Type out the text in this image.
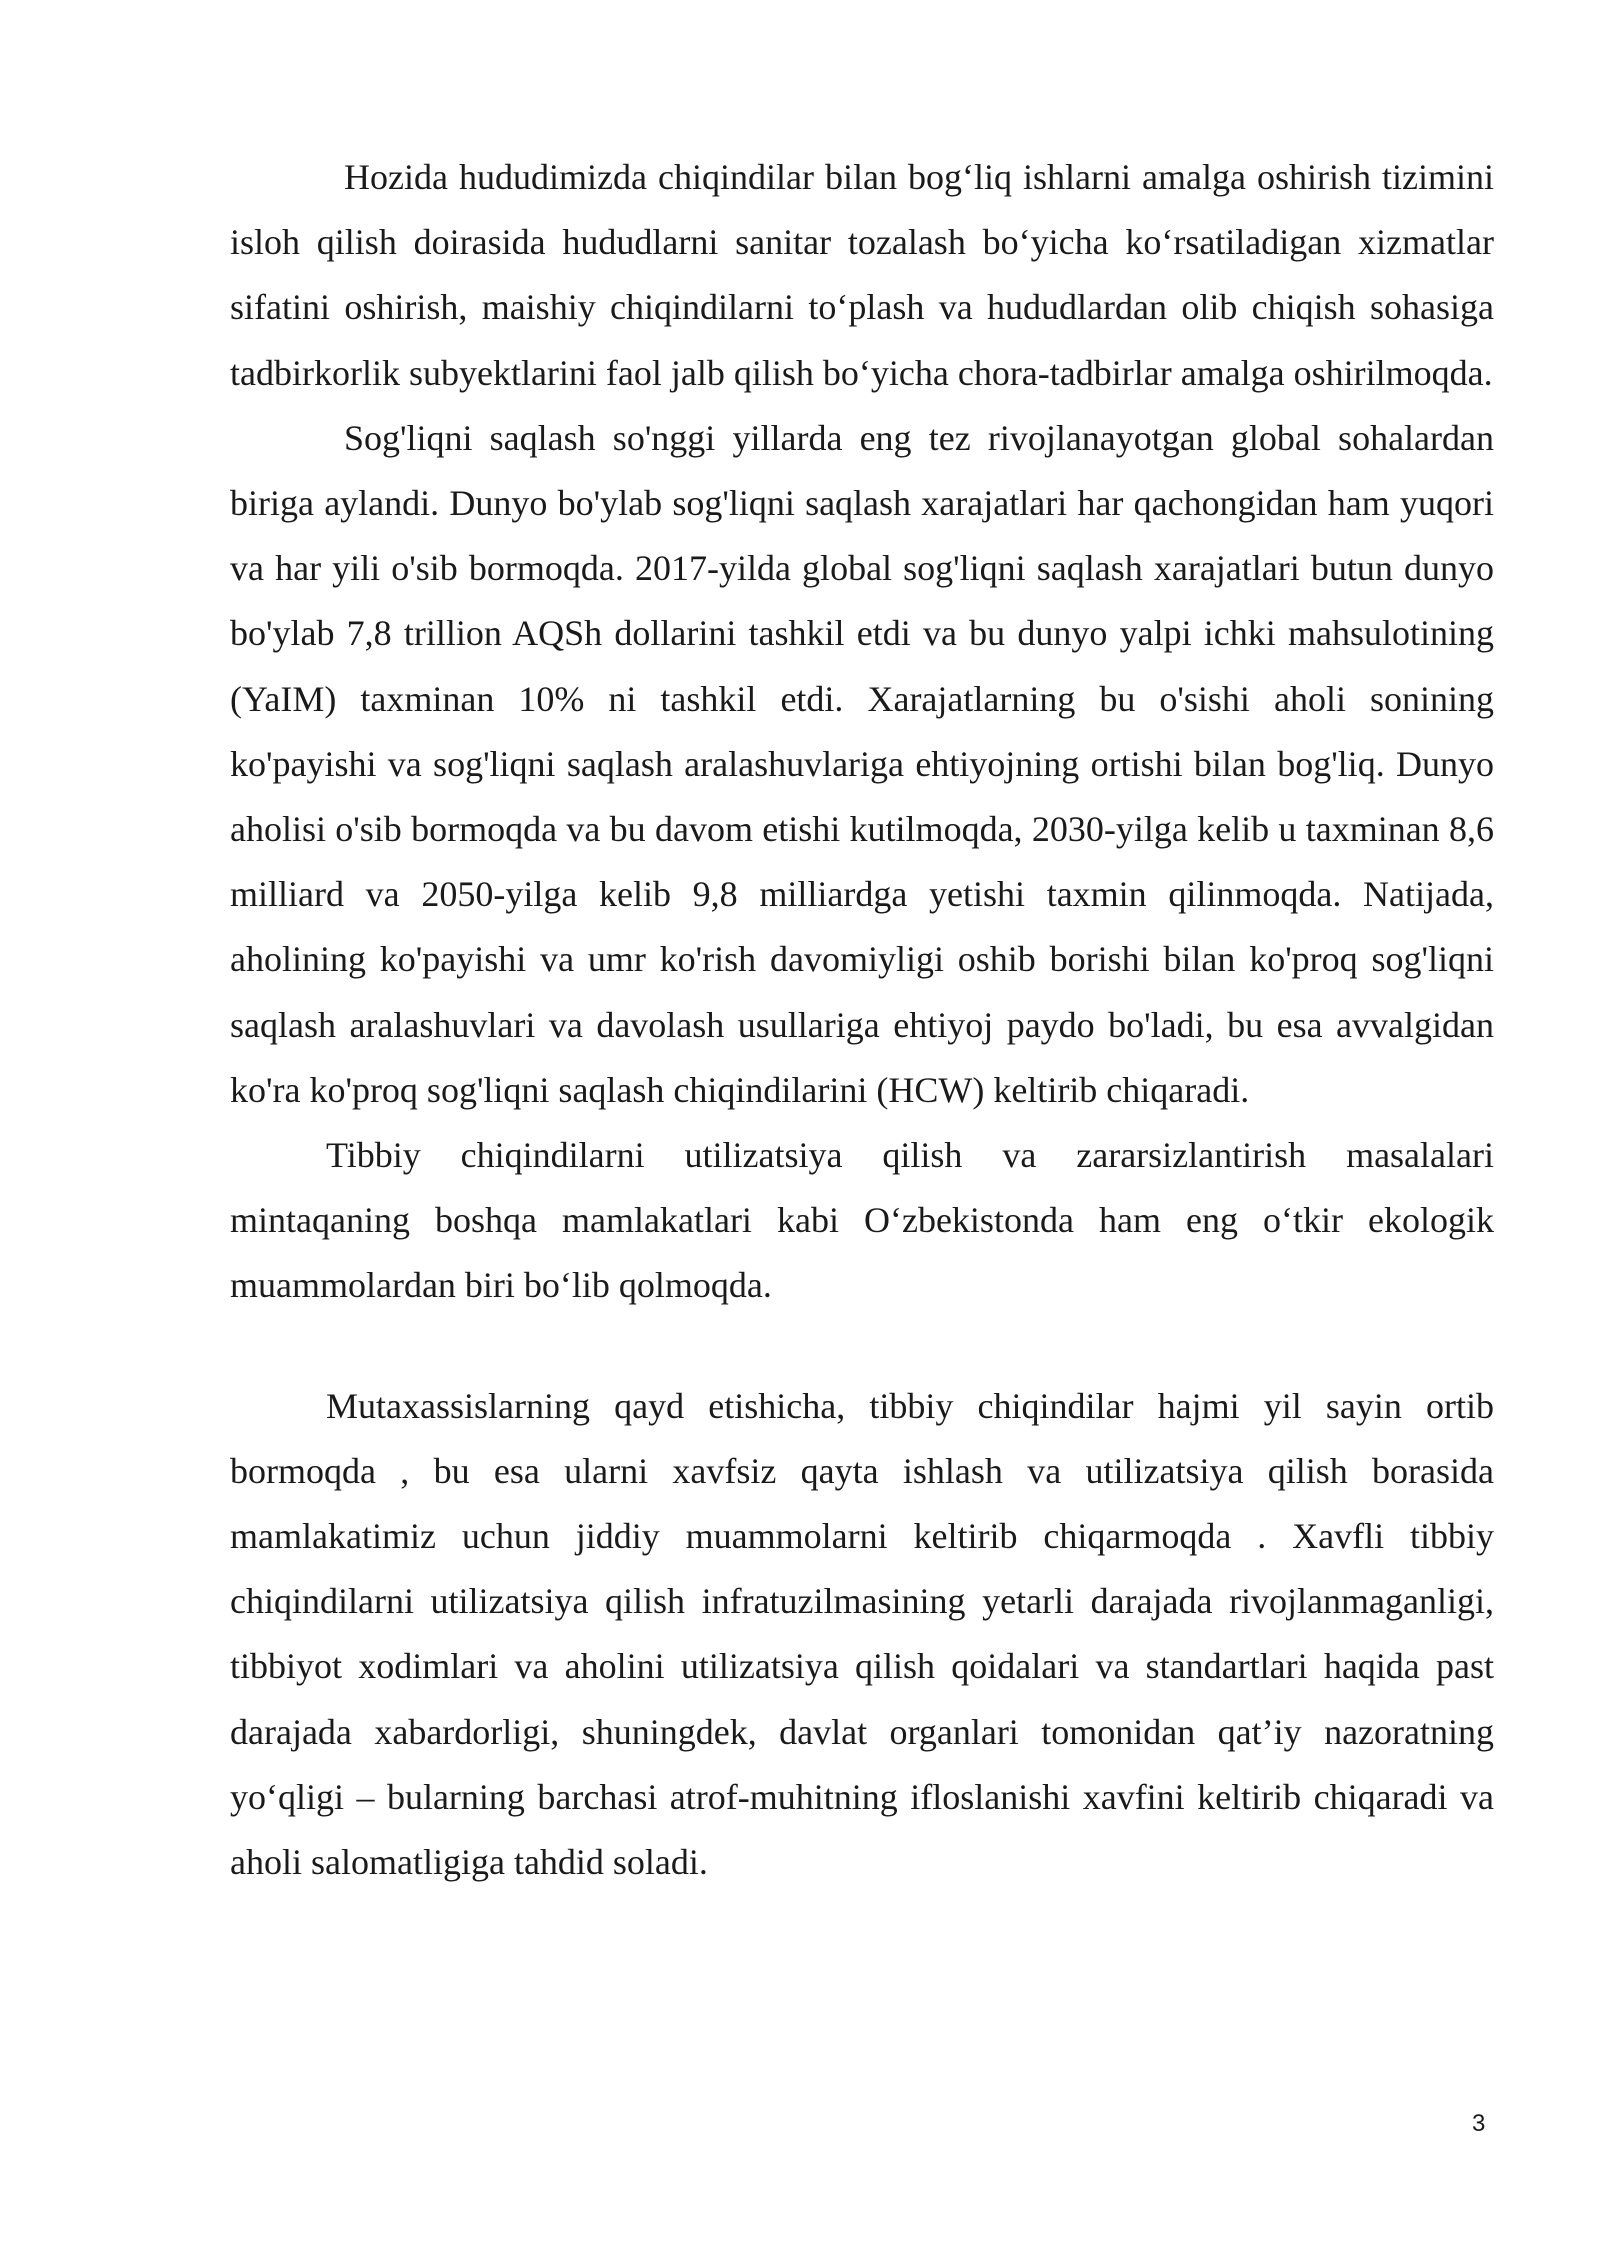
Hozida hududimizda chiqindilar bilan bog‘liq ishlarni amalga oshirish tizimini isloh qilish doirasida hududlarni sanitar tozalash bo‘yicha ko‘rsatiladigan xizmatlar sifatini oshirish, maishiy chiqindilarni to‘plash va hududlardan olib chiqish sohasiga tadbirkorlik subyektlarini faol jalb qilish bo‘yicha chora-tadbirlar amalga oshirilmoqda.

Sog'liqni saqlash so'nggi yillarda eng tez rivojlanayotgan global sohalardan biriga aylandi. Dunyo bo'ylab sog'liqni saqlash xarajatlari har qachongidan ham yuqori va har yili o'sib bormoqda. 2017-yilda global sog'liqni saqlash xarajatlari butun dunyo bo'ylab 7,8 trillion AQSh dollarini tashkil etdi va bu dunyo yalpi ichki mahsulotining (YaIM) taxminan 10% ni tashkil etdi. Xarajatlarning bu o'sishi aholi sonining ko'payishi va sog'liqni saqlash aralashuvlariga ehtiyojning ortishi bilan bog'liq. Dunyo aholisi o'sib bormoqda va bu davom etishi kutilmoqda, 2030-yilga kelib u taxminan 8,6 milliard va 2050-yilga kelib 9,8 milliardga yetishi taxmin qilinmoqda. Natijada, aholining ko'payishi va umr ko'rish davomiyligi oshib borishi bilan ko'proq sog'liqni saqlash aralashuvlari va davolash usullariga ehtiyoj paydo bo'ladi, bu esa avvalgidan ko'ra ko'proq sog'liqni saqlash chiqindilarini (HCW) keltirib chiqaradi.

Tibbiy chiqindilarni utilizatsiya qilish va zararsizlantirish masalalari mintaqaning boshqa mamlakatlari kabi O‘zbekistonda ham eng o‘tkir ekologik muammolardan biri bo‘lib qolmoqda.

Mutaxassislarning qayd etishicha, tibbiy chiqindilar hajmi yil sayin ortib bormoqda , bu esa ularni xavfsiz qayta ishlash va utilizatsiya qilish borasida mamlakatimiz uchun jiddiy muammolarni keltirib chiqarmoqda . Xavfli tibbiy chiqindilarni utilizatsiya qilish infratuzilmasining yetarli darajada rivojlanmaganligi, tibbiyot xodimlari va aholini utilizatsiya qilish qoidalari va standartlari haqida past darajada xabardorligi, shuningdek, davlat organlari tomonidan qat’iy nazoratning yo‘qligi – bularning barchasi atrof-muhitning ifloslanishi xavfini keltirib chiqaradi va aholi salomatligiga tahdid soladi.

3
